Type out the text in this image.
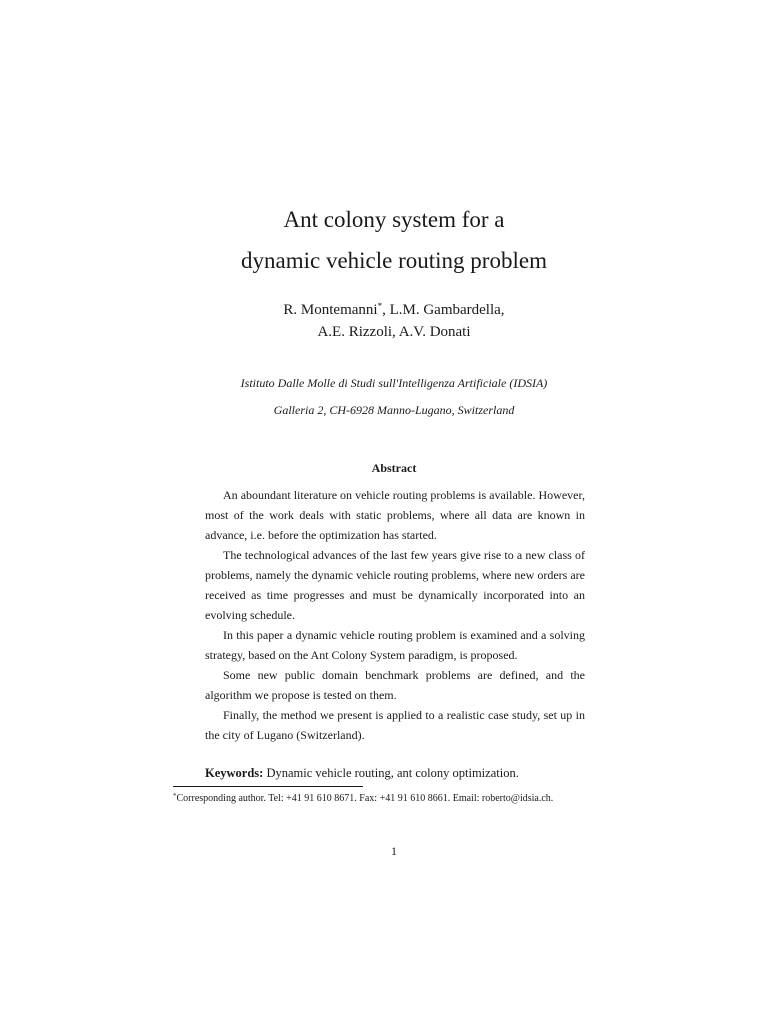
Ant colony system for a
dynamic vehicle routing problem
R. Montemanni*, L.M. Gambardella,
A.E. Rizzoli, A.V. Donati
Istituto Dalle Molle di Studi sull'Intelligenza Artificiale (IDSIA)
Galleria 2, CH-6928 Manno-Lugano, Switzerland
Abstract

An aboundant literature on vehicle routing problems is available. However, most of the work deals with static problems, where all data are known in advance, i.e. before the optimization has started.

The technological advances of the last few years give rise to a new class of problems, namely the dynamic vehicle routing problems, where new orders are received as time progresses and must be dynamically incorporated into an evolving schedule.

In this paper a dynamic vehicle routing problem is examined and a solving strategy, based on the Ant Colony System paradigm, is proposed.

Some new public domain benchmark problems are defined, and the algorithm we propose is tested on them.

Finally, the method we present is applied to a realistic case study, set up in the city of Lugano (Switzerland).

Keywords: Dynamic vehicle routing, ant colony optimization.
*Corresponding author. Tel: +41 91 610 8671. Fax: +41 91 610 8661. Email: roberto@idsia.ch.
1
